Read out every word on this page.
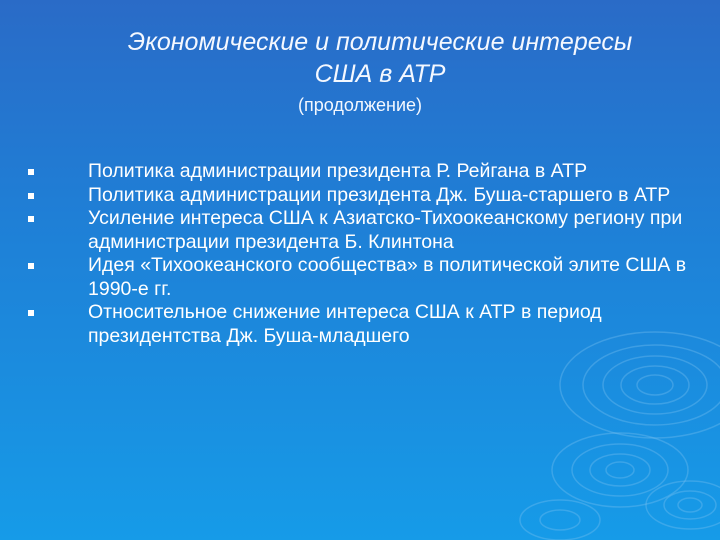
Экономические и политические интересы
США в АТР
(продолжение)
Политика администрации президента Р. Рейгана в АТР
Политика администрации президента Дж. Буша-старшего в АТР
Усиление интереса США к Азиатско-Тихоокеанскому региону при администрации президента Б. Клинтона
Идея «Тихоокеанского сообщества» в политической элите США в 1990-е гг.
Относительное снижение интереса США к АТР в период президентства Дж. Буша-младшего
